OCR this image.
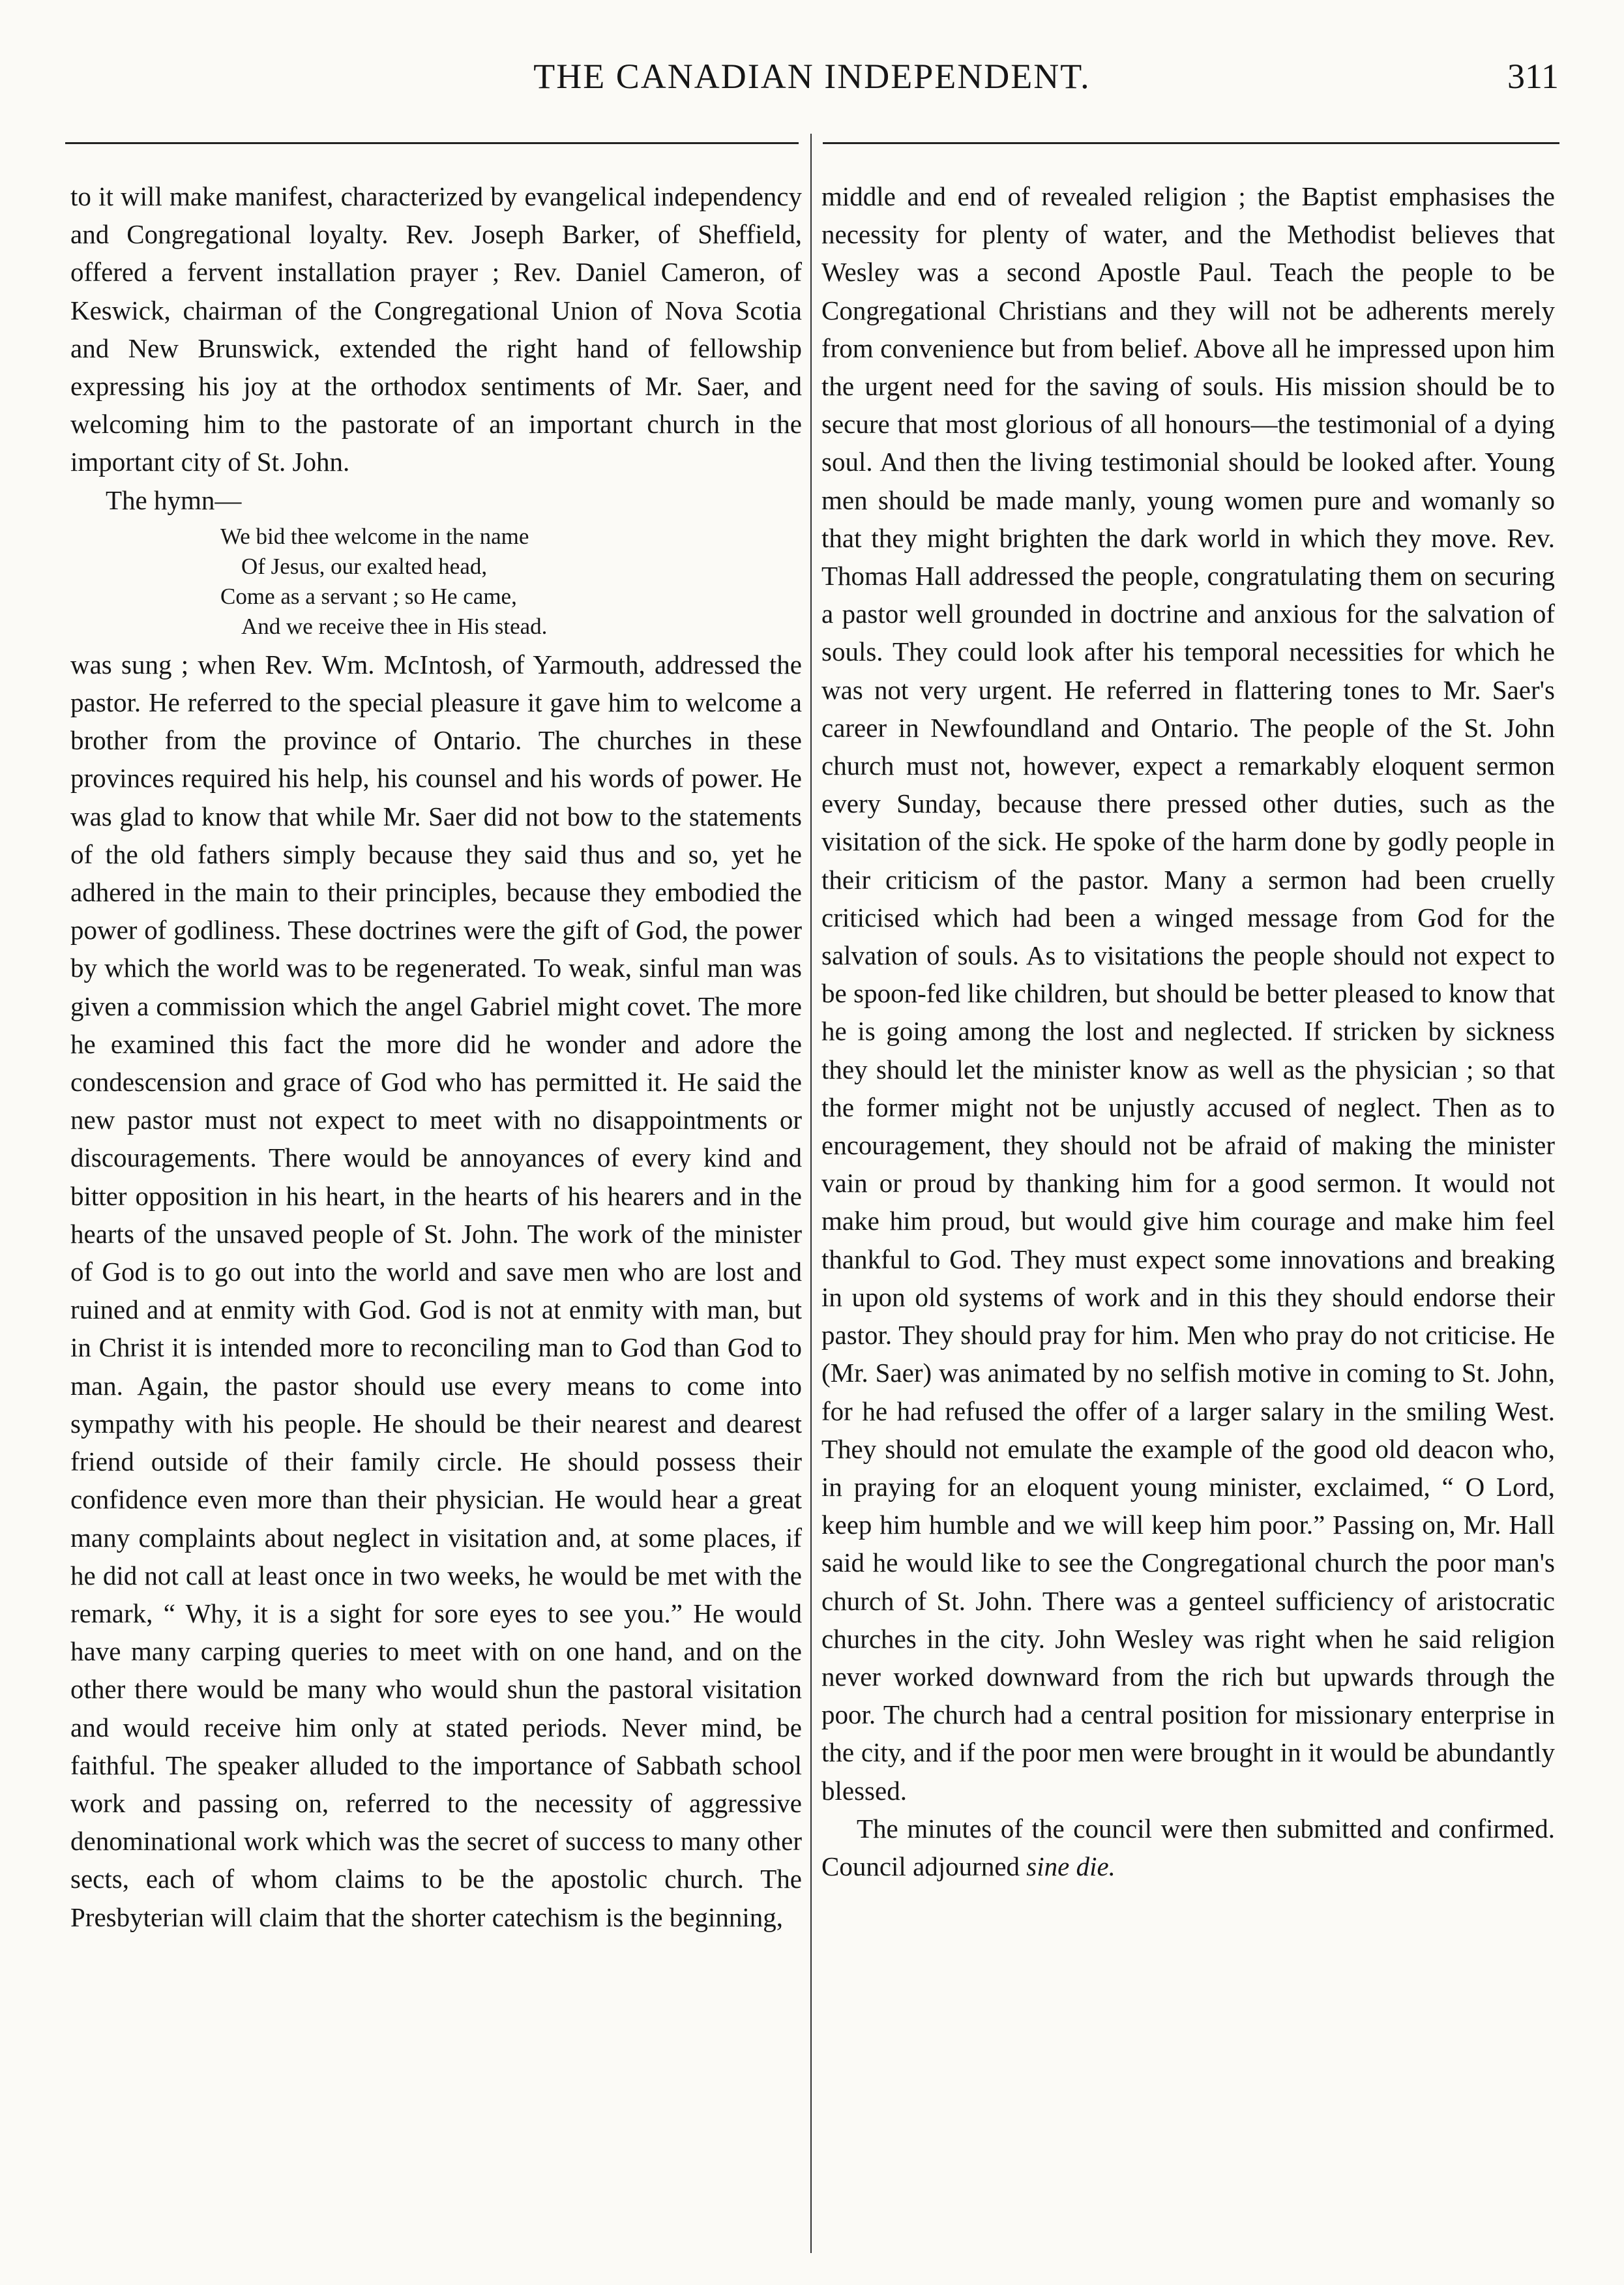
THE CANADIAN INDEPENDENT.	311

to it will make manifest, characterized by evangelical independency and Congregational loyalty. Rev. Joseph Barker, of Sheffield, offered a fervent installation prayer ; Rev. Daniel Cameron, of Keswick, chairman of the Congregational Union of Nova Scotia and New Brunswick, extended the right hand of fellowship expressing his joy at the orthodox sentiments of Mr. Saer, and welcoming him to the pastorate of an important church in the important city of St. John.

The hymn—

We bid thee welcome in the name
Of Jesus, our exalted head,
Come as a servant ; so He came,
And we receive thee in His stead.

was sung ; when Rev. Wm. McIntosh, of Yarmouth, addressed the pastor. He referred to the special pleasure it gave him to welcome a brother from the province of Ontario. The churches in these provinces required his help, his counsel and his words of power. He was glad to know that while Mr. Saer did not bow to the statements of the old fathers simply because they said thus and so, yet he adhered in the main to their principles, because they embodied the power of godliness. These doctrines were the gift of God, the power by which the world was to be regenerated. To weak, sinful man was given a commission which the angel Gabriel might covet. The more he examined this fact the more did he wonder and adore the condescension and grace of God who has permitted it. He said the new pastor must not expect to meet with no disappointments or discouragements. There would be annoyances of every kind and bitter opposition in his heart, in the hearts of his hearers and in the hearts of the unsaved people of St. John. The work of the minister of God is to go out into the world and save men who are lost and ruined and at enmity with God. God is not at enmity with man, but in Christ it is intended more to reconciling man to God than God to man. Again, the pastor should use every means to come into sympathy with his people. He should be their nearest and dearest friend outside of their family circle. He should possess their confidence even more than their physician. He would hear a great many complaints about neglect in visitation and, at some places, if he did not call at least once in two weeks, he would be met with the remark, “ Why, it is a sight for sore eyes to see you.” He would have many carping queries to meet with on one hand, and on the other there would be many who would shun the pastoral visitation and would receive him only at stated periods. Never mind, be faithful. The speaker alluded to the importance of Sabbath school work and passing on, referred to the necessity of aggressive denominational work which was the secret of success to many other sects, each of whom claims to be the apostolic church. The Presbyterian will claim that the shorter catechism is the beginning,

middle and end of revealed religion ; the Baptist emphasises the necessity for plenty of water, and the Methodist believes that Wesley was a second Apostle Paul. Teach the people to be Congregational Christians and they will not be adherents merely from convenience but from belief. Above all he impressed upon him the urgent need for the saving of souls. His mission should be to secure that most glorious of all honours—the testimonial of a dying soul. And then the living testimonial should be looked after. Young men should be made manly, young women pure and womanly so that they might brighten the dark world in which they move. Rev. Thomas Hall addressed the people, congratulating them on securing a pastor well grounded in doctrine and anxious for the salvation of souls. They could look after his temporal necessities for which he was not very urgent. He referred in flattering tones to Mr. Saer's career in Newfoundland and Ontario. The people of the St. John church must not, however, expect a remarkably eloquent sermon every Sunday, because there pressed other duties, such as the visitation of the sick. He spoke of the harm done by godly people in their criticism of the pastor. Many a sermon had been cruelly criticised which had been a winged message from God for the salvation of souls. As to visitations the people should not expect to be spoon-fed like children, but should be better pleased to know that he is going among the lost and neglected. If stricken by sickness they should let the minister know as well as the physician ; so that the former might not be unjustly accused of neglect. Then as to encouragement, they should not be afraid of making the minister vain or proud by thanking him for a good sermon. It would not make him proud, but would give him courage and make him feel thankful to God. They must expect some innovations and breaking in upon old systems of work and in this they should endorse their pastor. They should pray for him. Men who pray do not criticise. He (Mr. Saer) was animated by no selfish motive in coming to St. John, for he had refused the offer of a larger salary in the smiling West. They should not emulate the example of the good old deacon who, in praying for an eloquent young minister, exclaimed, “ O Lord, keep him humble and we will keep him poor.” Passing on, Mr. Hall said he would like to see the Congregational church the poor man's church of St. John. There was a genteel sufficiency of aristocratic churches in the city. John Wesley was right when he said religion never worked downward from the rich but upwards through the poor. The church had a central position for missionary enterprise in the city, and if the poor men were brought in it would be abundantly blessed.

The minutes of the council were then submitted and confirmed. Council adjourned sine die.
